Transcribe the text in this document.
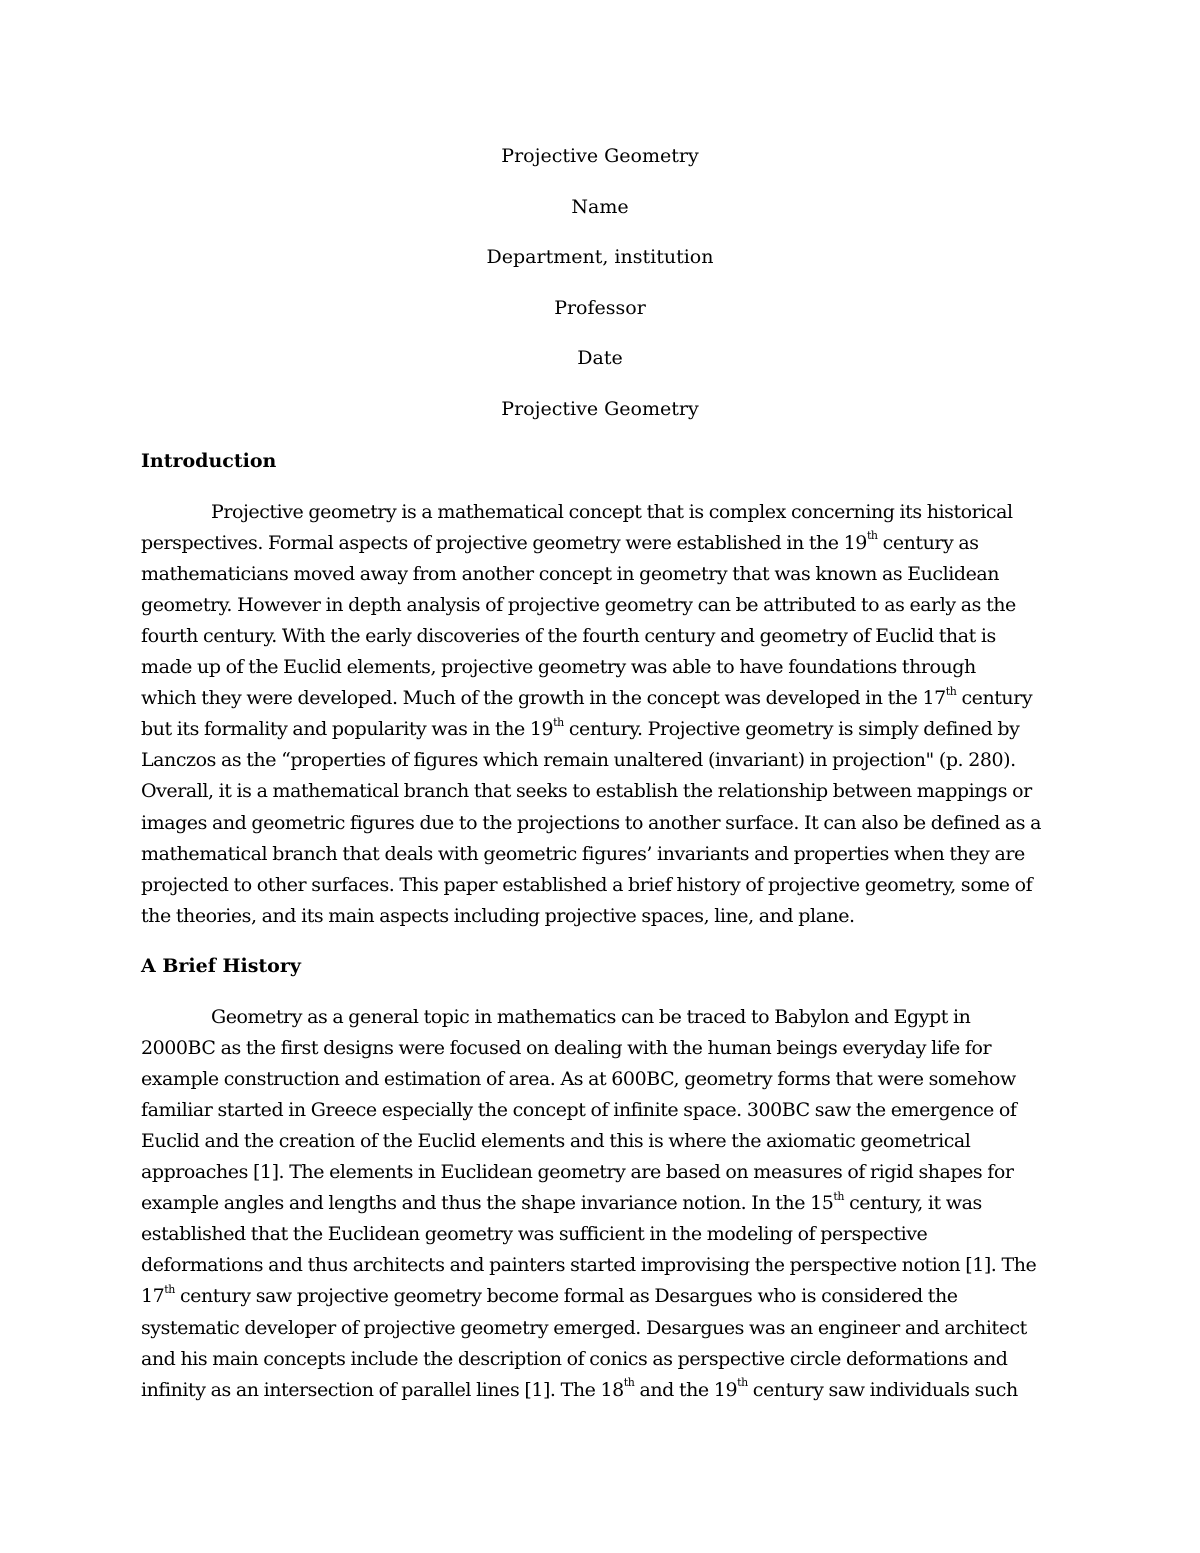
Projective Geometry

Name

Department, institution

Professor

Date

Projective Geometry

Introduction

Projective geometry is a mathematical concept that is complex concerning its historical
perspectives. Formal aspects of projective geometry were established in the 19th century as
mathematicians moved away from another concept in geometry that was known as Euclidean
geometry. However in depth analysis of projective geometry can be attributed to as early as the
fourth century. With the early discoveries of the fourth century and geometry of Euclid that is
made up of the Euclid elements, projective geometry was able to have foundations through
which they were developed. Much of the growth in the concept was developed in the 17th century
but its formality and popularity was in the 19th century. Projective geometry is simply defined by
Lanczos as the “properties of figures which remain unaltered (invariant) in projection" (p. 280).
Overall, it is a mathematical branch that seeks to establish the relationship between mappings or
images and geometric figures due to the projections to another surface. It can also be defined as a
mathematical branch that deals with geometric figures’ invariants and properties when they are
projected to other surfaces. This paper established a brief history of projective geometry, some of
the theories, and its main aspects including projective spaces, line, and plane.

A Brief History

Geometry as a general topic in mathematics can be traced to Babylon and Egypt in
2000BC as the first designs were focused on dealing with the human beings everyday life for
example construction and estimation of area. As at 600BC, geometry forms that were somehow
familiar started in Greece especially the concept of infinite space. 300BC saw the emergence of
Euclid and the creation of the Euclid elements and this is where the axiomatic geometrical
approaches [1]. The elements in Euclidean geometry are based on measures of rigid shapes for
example angles and lengths and thus the shape invariance notion. In the 15th century, it was
established that the Euclidean geometry was sufficient in the modeling of perspective
deformations and thus architects and painters started improvising the perspective notion [1]. The
17th century saw projective geometry become formal as Desargues who is considered the
systematic developer of projective geometry emerged. Desargues was an engineer and architect
and his main concepts include the description of conics as perspective circle deformations and
infinity as an intersection of parallel lines [1]. The 18th and the 19th century saw individuals such
